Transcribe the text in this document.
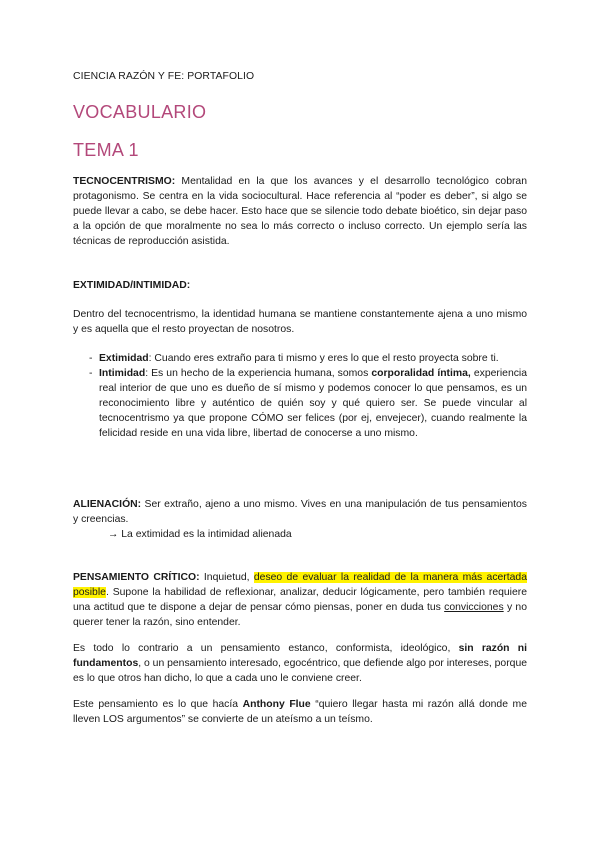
CIENCIA RAZÓN Y FE: PORTAFOLIO

VOCABULARIO

TEMA 1

TECNOCENTRISMO: Mentalidad en la que los avances y el desarrollo tecnológico cobran protagonismo. Se centra en la vida sociocultural. Hace referencia al “poder es deber”, si algo se puede llevar a cabo, se debe hacer. Esto hace que se silencie todo debate bioético, sin dejar paso a la opción de que moralmente no sea lo más correcto o incluso correcto. Un ejemplo sería las técnicas de reproducción asistida.

EXTIMIDAD/INTIMIDAD:

Dentro del tecnocentrismo, la identidad humana se mantiene constantemente ajena a uno mismo y es aquella que el resto proyectan de nosotros.

- Extimidad: Cuando eres extraño para ti mismo y eres lo que el resto proyecta sobre ti.

- Intimidad: Es un hecho de la experiencia humana, somos corporalidad íntima, experiencia real interior de que uno es dueño de sí mismo y podemos conocer lo que pensamos, es un reconocimiento libre y auténtico de quién soy y qué quiero ser. Se puede vincular al tecnocentrismo ya que propone CÓMO ser felices (por ej, envejecer), cuando realmente la felicidad reside en una vida libre, libertad de conocerse a uno mismo.

ALIENACIÓN: Ser extraño, ajeno a uno mismo. Vives en una manipulación de tus pensamientos y creencias.

→ La extimidad es la intimidad alienada

PENSAMIENTO CRÍTICO: Inquietud, deseo de evaluar la realidad de la manera más acertada posible. Supone la habilidad de reflexionar, analizar, deducir lógicamente, pero también requiere una actitud que te dispone a dejar de pensar cómo piensas, poner en duda tus convicciones y no querer tener la razón, sino entender.

Es todo lo contrario a un pensamiento estanco, conformista, ideológico, sin razón ni fundamentos, o un pensamiento interesado, egocéntrico, que defiende algo por intereses, porque es lo que otros han dicho, lo que a cada uno le conviene creer.

Este pensamiento es lo que hacía Anthony Flue “quiero llegar hasta mi razón allá donde me lleven LOS argumentos” se convierte de un ateísmo a un teísmo.
